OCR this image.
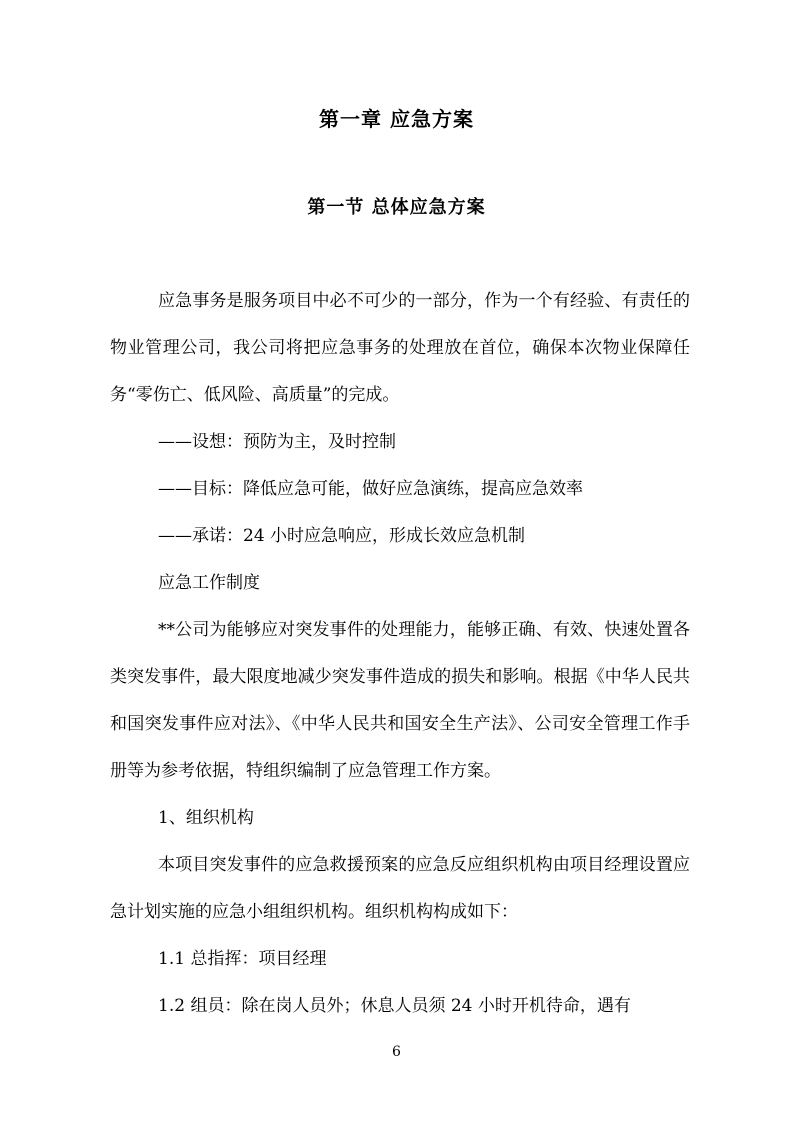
第一章 应急方案
第一节 总体应急方案

应急事务是服务项目中必不可少的一部分，作为一个有经验、有责任的物业管理公司，我公司将把应急事务的处理放在首位，确保本次物业保障任务“零伤亡、低风险、高质量”的完成。

——设想：预防为主，及时控制

——目标：降低应急可能，做好应急演练，提高应急效率

——承诺：24 小时应急响应，形成长效应急机制

应急工作制度

**公司为能够应对突发事件的处理能力，能够正确、有效、快速处置各类突发事件，最大限度地减少突发事件造成的损失和影响。根据《中华人民共和国突发事件应对法》、《中华人民共和国安全生产法》、公司安全管理工作手册等为参考依据，特组织编制了应急管理工作方案。

1、组织机构

本项目突发事件的应急救援预案的应急反应组织机构由项目经理设置应急计划实施的应急小组组织机构。组织机构构成如下：

1.1 总指挥：项目经理

1.2 组员：除在岗人员外；休息人员须 24 小时开机待命，遇有

6
